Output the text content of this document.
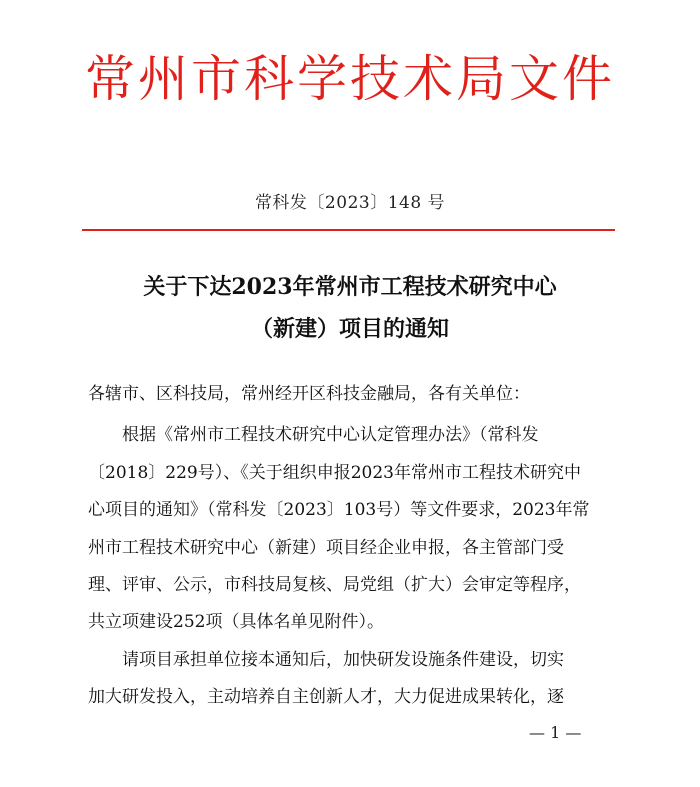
常州市科学技术局文件
常科发〔2023〕148 号
关于下达2023年常州市工程技术研究中心
（新建）项目的通知
各辖市、区科技局，常州经开区科技金融局，各有关单位：
　　根据《常州市工程技术研究中心认定管理办法》（常科发
〔2018〕229号）、《关于组织申报2023年常州市工程技术研究中
心项目的通知》（常科发〔2023〕103号）等文件要求，2023年常
州市工程技术研究中心（新建）项目经企业申报，各主管部门受
理、评审、公示，市科技局复核、局党组（扩大）会审定等程序，
共立项建设252项（具体名单见附件）。
　　请项目承担单位接本通知后，加快研发设施条件建设，切实
加大研发投入，主动培养自主创新人才，大力促进成果转化，逐
— 1 —
